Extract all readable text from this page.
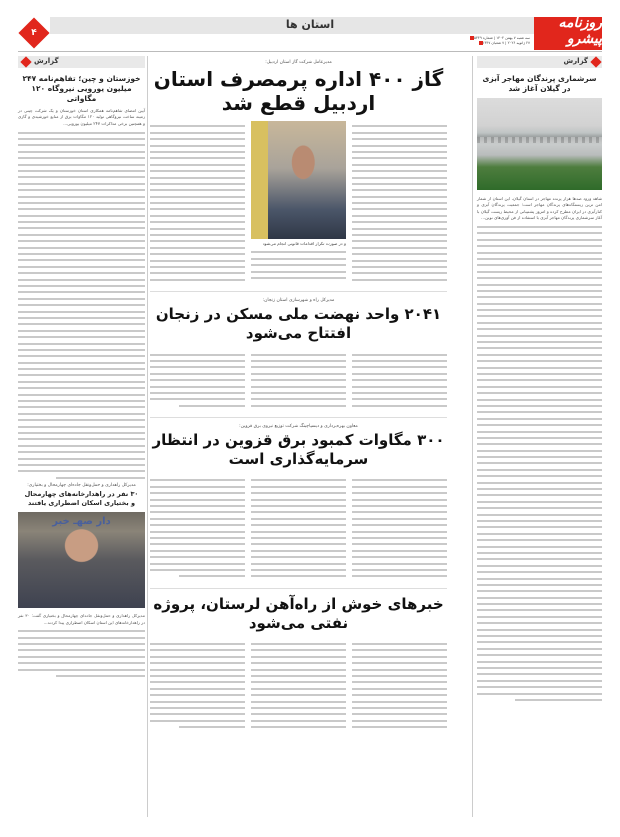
استان ها	روزنامه پیشرو
سه شنبه ۷ بهمن ۱۴۰۴ | شماره ۵۴۴۹
۲۷ ژانویه ۲۰۲۶ | ۷ شعبان ۱۴۴۷
۴
گزارش
سرشماری پرندگان مهاجر آبزی در گیلان آغاز شد
شاهد ورود صدها هزار پرنده مهاجر در استان گیلان، این استان از شمار امن ترین زیستگاه‌های پرندگان مهاجر است؛ جمعیت پرندگان آبزی و کنارآبزی در ایران مطرح کرده و امروز پشتیبانی از محیط زیست گیلان با آغاز سرشماری پرندگان مهاجر آبزی با استفاده از فن آوری‌های نوین...
گزارش
خوزستان و چین؛ تفاهم‌نامه ۲۴۷ میلیون یورویی نیروگاه ۱۲۰ مگاواتی
آیین امضای تفاهم‌نامه همکاری استان خوزستان و یک شرکت چینی در زمینه ساخت نیروگاهی تولید ۱۲۰ مگاوات برق از منابع خورشیدی و گازی و همچنین برخی مذاکرات ۲۴۷ میلیون یورویی...
مدیرکل راهداری و حمل‌ونقل جاده‌ای چهارمحال و بختیاری:
۳۰ نفر در راهدارخانه‌های چهارمحال و بختیاری اسکان اضطراری یافتند
دار صهـ خبر
مدیرکل راهداری و حمل‌ونقل جاده‌ای چهارمحال و بختیاری گفت: ۳۰ نفر در راهدارخانه‌های این استان اسکان اضطراری پیدا کردند...
مدیرعامل شرکت گاز استان اردبیل:
گاز ۴۰۰ اداره پرمصرف استان اردبیل قطع شد
و در صورت تکرار اقدامات قانونی انجام می‌شود
مدیرکل راه و شهرسازی استان زنجان:
۲۰۴۱ واحد نهضت ملی مسکن در زنجان افتتاح می‌شود
معاون بهره‌برداری و دیسپاچینگ شرکت توزیع نیروی برق قزوین:
۳۰۰ مگاوات کمبود برق قزوین در انتظار سرمایه‌گذاری است
خبرهای خوش از راه‌آهن لرستان، پروژه نفتی می‌شود
